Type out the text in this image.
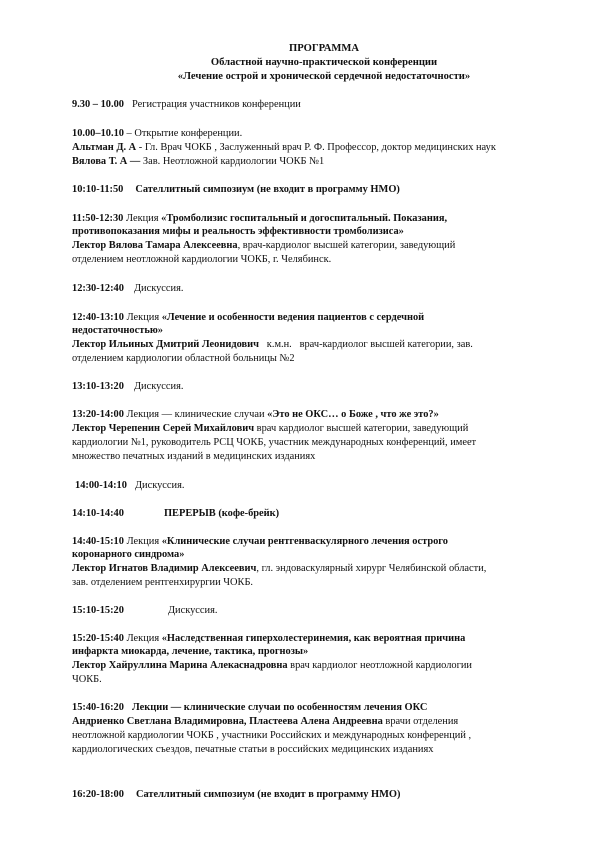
ПРОГРАММА
Областной научно-практической конференции
«Лечение острой и хронической сердечной недостаточности»
9.30 – 10.00 Регистрация участников конференции
10.00–10.10 – Открытие конференции.
Альтман Д. А - Гл. Врач ЧОКБ , Заслуженный врач Р. Ф. Профессор, доктор медицинских наук
Вялова Т. А — Зав. Неотложной кардиологии ЧОКБ №1
10:10-11:50 Сателлитный симпозиум (не входит в программу НМО)
11:50-12:30 Лекция «Тромболизис госпитальный и догоспитальный. Показания,
противопоказания мифы и реальность эффективности тромболизиса»
Лектор Вялова Тамара Алексеевна, врач-кардиолог высшей категории, заведующий
отделением неотложной кардиологии ЧОКБ, г. Челябинск.
12:30-12:40 Дискуссия.
12:40-13:10 Лекция «Лечение и особенности ведения пациентов с сердечной
недостаточностью»
Лектор Ильиных Дмитрий Леонидович   к.м.н.   врач-кардиолог высшей категории, зав.
отделением кардиологии областной больницы №2
13:10-13:20 Дискуссия.
13:20-14:00 Лекция — клинические случаи «Это не ОКС… о Боже , что же это?»
Лектор Черепенин Серей Михайлович врач кардиолог высшей категории, заведующий
кардиологии №1, руководитель РСЦ ЧОКБ, участник международных конференций, имеет
множество печатных изданий в медицинских изданиях
14:00-14:10 Дискуссия.
14:10-14:40	ПЕРЕРЫВ (кофе-брейк)
14:40-15:10 Лекция «Клинические случаи рентгенваскулярного лечения острого
коронарного синдрома»
Лектор Игнатов Владимир Алексеевич, гл. эндоваскулярный хирург Челябинской области,
зав. отделением рентгенхирургии ЧОКБ.
15:10-15:20	Дискуссия.
15:20-15:40 Лекция «Наследственная гиперхолестеринемия, как вероятная причина
инфаркта миокарда, лечение, тактика, прогнозы»
Лектор Хайруллина Марина Алекаснадровна врач кардиолог неотложной кардиологии
ЧОКБ.
15:40-16:20 Лекции — клинические случаи по особенностям лечения ОКС
Андриенко Светлана Владимировна, Пластеева Алена Андреевна врачи отделения
неотложной кардиологии ЧОКБ , участники Российских и международных конференций ,
кардиологических съездов, печатные статьи в российских медицинских изданиях
16:20-18:00 Сателлитный симпозиум (не входит в программу НМО)
